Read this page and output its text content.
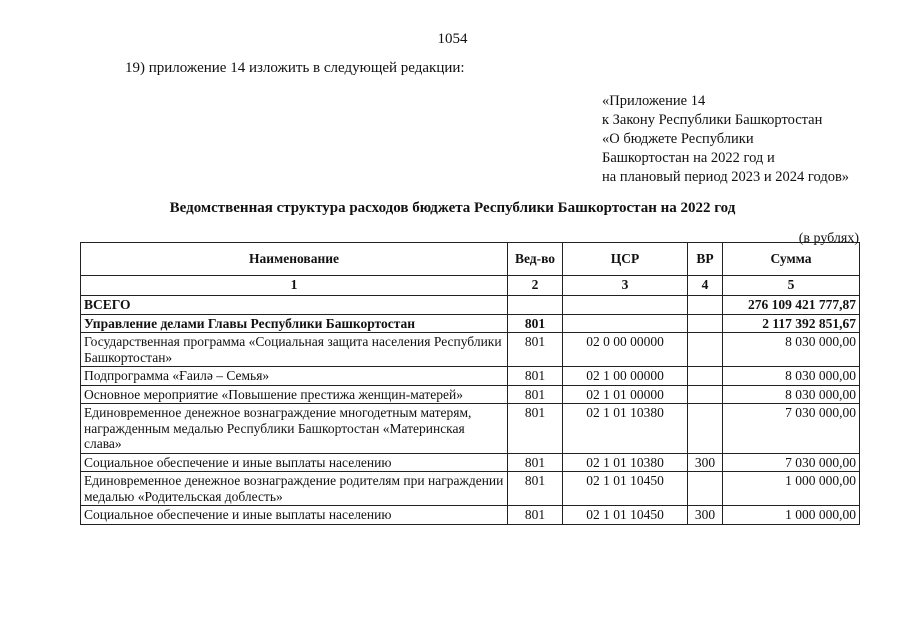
1054
19) приложение 14 изложить в следующей редакции:
«Приложение 14
к Закону Республики Башкортостан
«О бюджете Республики
Башкортостан на 2022 год и
на плановый период 2023 и 2024 годов»
Ведомственная структура расходов бюджета Республики Башкортостан на 2022 год
(в рублях)
Наименование	Вед-во	ЦСР	ВР	Сумма
1	2	3	4	5
ВСЕГО				276 109 421 777,87
Управление делами Главы Республики Башкортостан	801			2 117 392 851,67
Государственная программа «Социальная защита населения Республики Башкортостан»	801	02 0 00 00000		8 030 000,00
Подпрограмма «Ғаилә – Семья»	801	02 1 00 00000		8 030 000,00
Основное мероприятие «Повышение престижа женщин-матерей»	801	02 1 01 00000		8 030 000,00
Единовременное денежное вознаграждение многодетным матерям, награжденным медалью Республики Башкортостан «Материнская слава»	801	02 1 01 10380		7 030 000,00
Социальное обеспечение и иные выплаты населению	801	02 1 01 10380	300	7 030 000,00
Единовременное денежное вознаграждение родителям при награждении медалью «Родительская доблесть»	801	02 1 01 10450		1 000 000,00
Социальное обеспечение и иные выплаты населению	801	02 1 01 10450	300	1 000 000,00
